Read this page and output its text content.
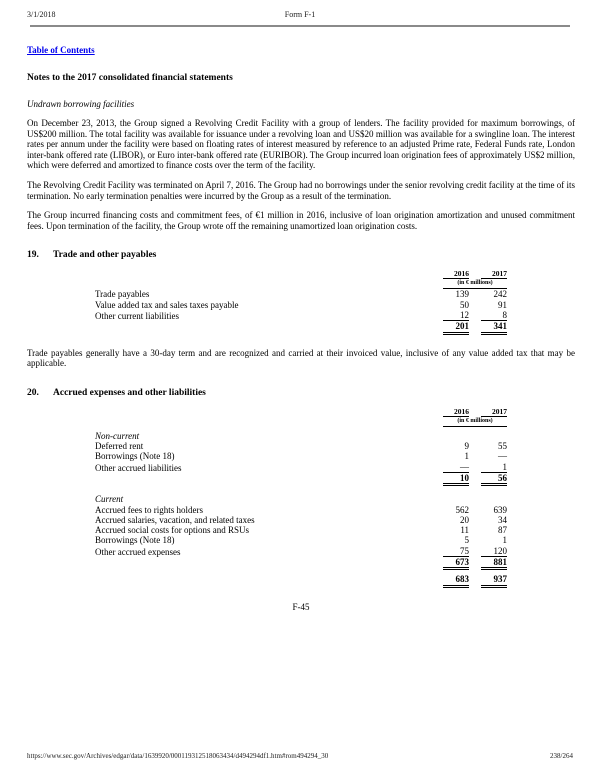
3/1/2018	Form F-1
Table of Contents
Notes to the 2017 consolidated financial statements
Undrawn borrowing facilities

On December 23, 2013, the Group signed a Revolving Credit Facility with a group of lenders. The facility provided for maximum borrowings, of US$200 million. The total facility was available for issuance under a revolving loan and US$20 million was available for a swingline loan. The interest rates per annum under the facility were based on floating rates of interest measured by reference to an adjusted Prime rate, Federal Funds rate, London inter-bank offered rate (LIBOR), or Euro inter-bank offered rate (EURIBOR). The Group incurred loan origination fees of approximately US$2 million, which were deferred and amortized to finance costs over the term of the facility.

The Revolving Credit Facility was terminated on April 7, 2016. The Group had no borrowings under the senior revolving credit facility at the time of its termination. No early termination penalties were incurred by the Group as a result of the termination.

The Group incurred financing costs and commitment fees, of €1 million in 2016, inclusive of loan origination amortization and unused commitment fees. Upon termination of the facility, the Group wrote off the remaining unamortized loan origination costs.

19.	Trade and other payables
2016	2017
(in € millions)
Trade payables	139	242
Value added tax and sales taxes payable	50	91
Other current liabilities	12	8
201	341

Trade payables generally have a 30-day term and are recognized and carried at their invoiced value, inclusive of any value added tax that may be applicable.

20.	Accrued expenses and other liabilities
2016	2017
(in € millions)
Non-current
Deferred rent	9	55
Borrowings (Note 18)	1	—
Other accrued liabilities	—	1
10	56
Current
Accrued fees to rights holders	562	639
Accrued salaries, vacation, and related taxes	20	34
Accrued social costs for options and RSUs	11	87
Borrowings (Note 18)	5	1
Other accrued expenses	75	120
673	881
683	937
F-45
https://www.sec.gov/Archives/edgar/data/1639920/000119312518063434/d494294df1.htm#rom494294_30	238/264
